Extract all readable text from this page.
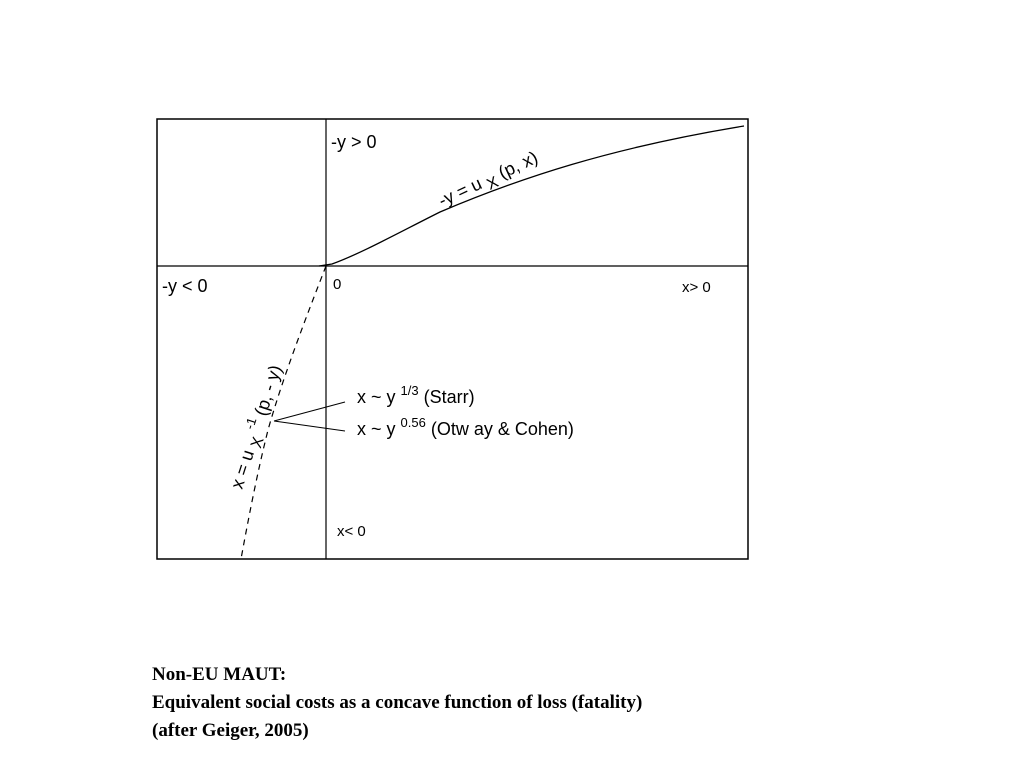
-y > 0
-y < 0	0	x> 0
x< 0
-y = u X (p, x)
x = u X $^{-1}$ (p, - y)	x ~ y $^{1/3}$ (Starr)
x ~ y $^{0.56}$ (Otw ay & Cohen)
Non-EU MAUT:
Equivalent social costs as a concave function of loss (fatality)
(after Geiger, 2005)
